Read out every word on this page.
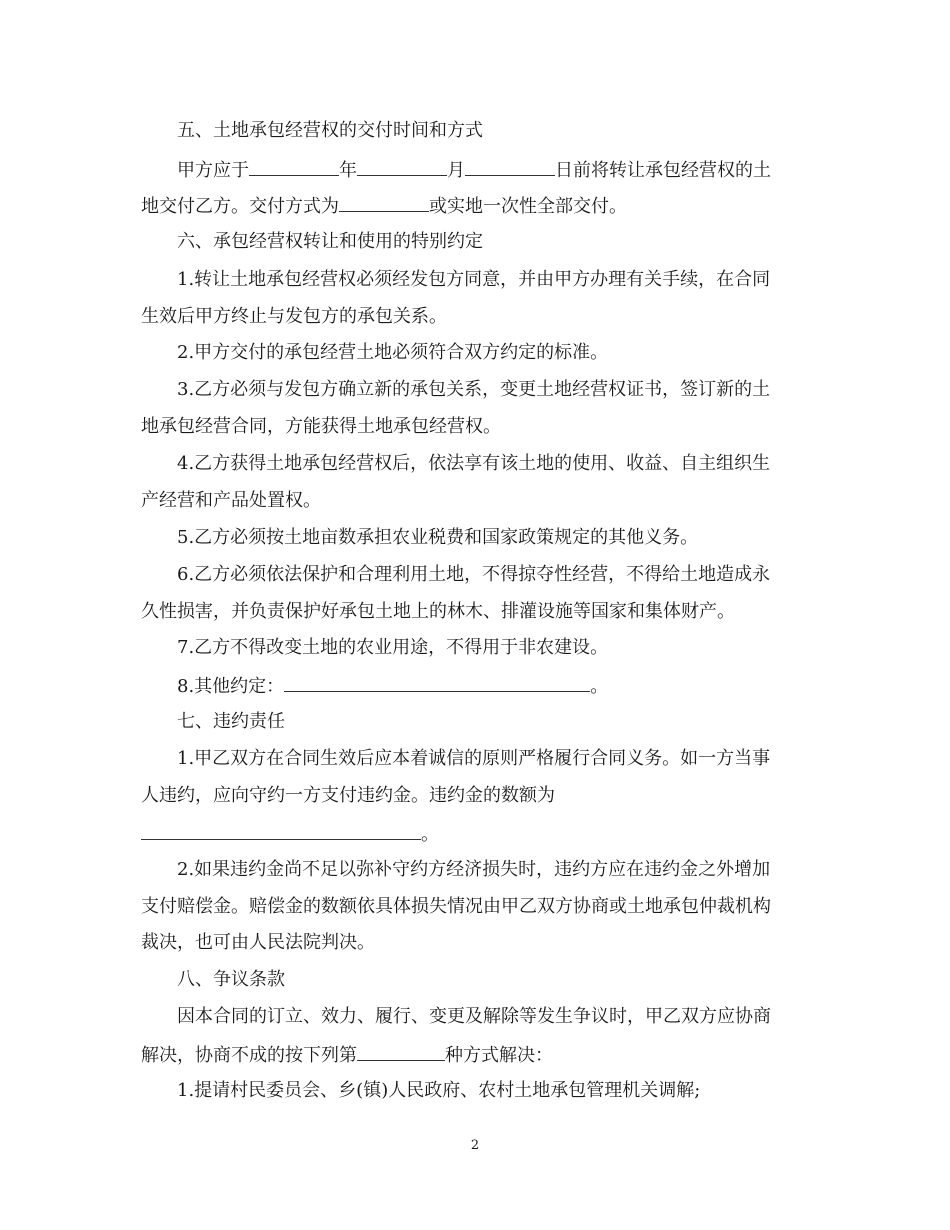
五、土地承包经营权的交付时间和方式
甲方应于	年	月	日前将转让承包经营权的土
地交付乙方。交付方式为	或实地一次性全部交付。
六、承包经营权转让和使用的特别约定
1.转让土地承包经营权必须经发包方同意，并由甲方办理有关手续，在合同
生效后甲方终止与发包方的承包关系。
2.甲方交付的承包经营土地必须符合双方约定的标准。
3.乙方必须与发包方确立新的承包关系，变更土地经营权证书，签订新的土
地承包经营合同，方能获得土地承包经营权。
4.乙方获得土地承包经营权后，依法享有该土地的使用、收益、自主组织生
产经营和产品处置权。
5.乙方必须按土地亩数承担农业税费和国家政策规定的其他义务。
6.乙方必须依法保护和合理利用土地，不得掠夺性经营，不得给土地造成永
久性损害，并负责保护好承包土地上的林木、排灌设施等国家和集体财产。
7.乙方不得改变土地的农业用途，不得用于非农建设。
8.其他约定：	。
七、违约责任
1.甲乙双方在合同生效后应本着诚信的原则严格履行合同义务。如一方当事
人违约，应向守约一方支付违约金。违约金的数额为
。
2.如果违约金尚不足以弥补守约方经济损失时，违约方应在违约金之外增加
支付赔偿金。赔偿金的数额依具体损失情况由甲乙双方协商或土地承包仲裁机构
裁决，也可由人民法院判决。
八、争议条款
因本合同的订立、效力、履行、变更及解除等发生争议时，甲乙双方应协商
解决，协商不成的按下列第	种方式解决：
1.提请村民委员会、乡(镇)人民政府、农村土地承包管理机关调解;
2
